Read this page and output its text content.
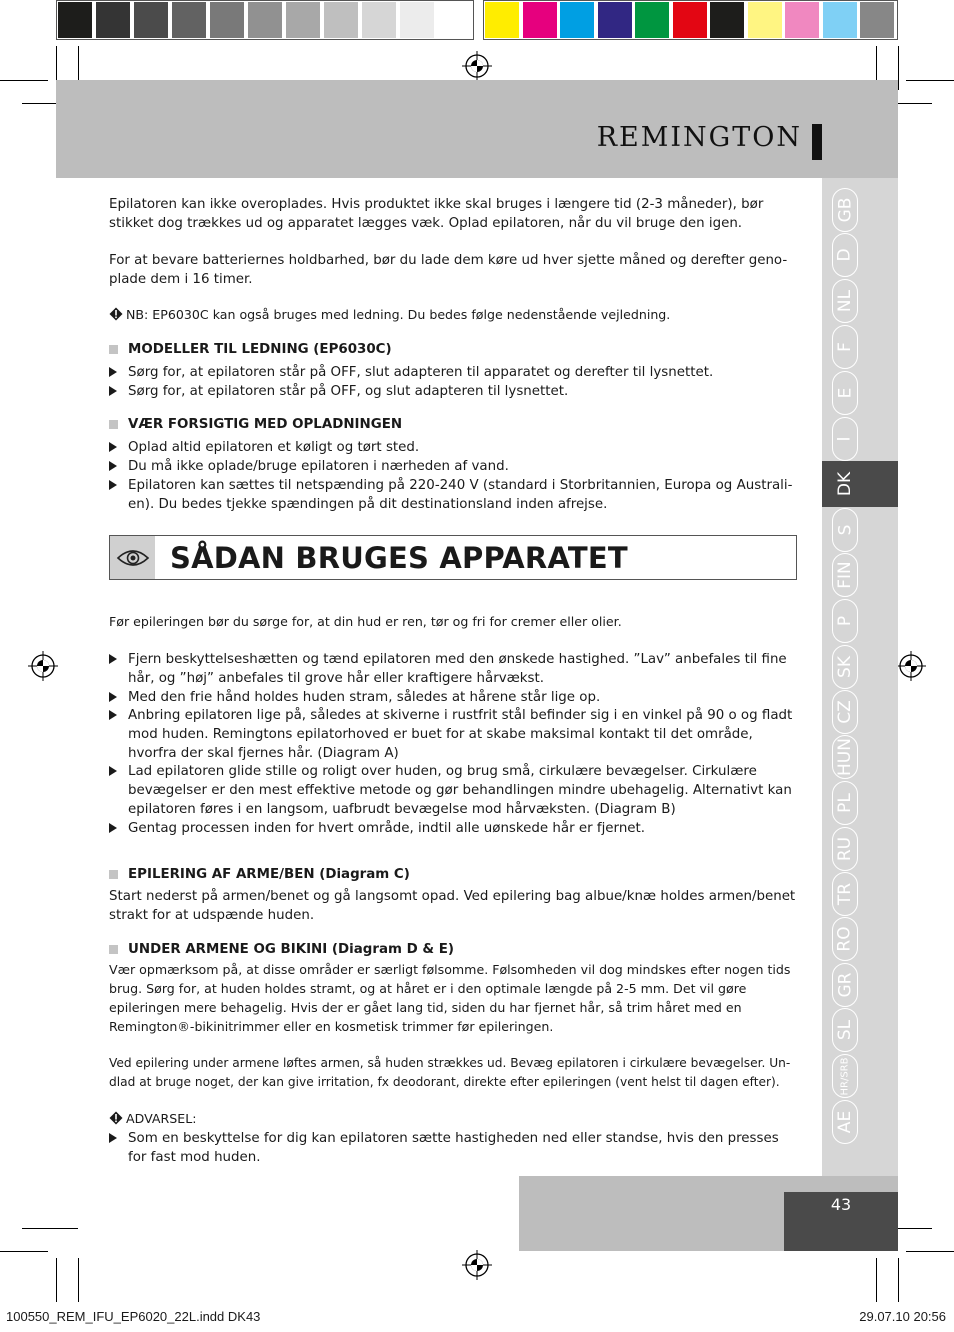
REMINGTON
GB
D
NL
F
E
I
DK
S
FIN
P
SK
CZ
HUN
PL
RU
TR
RO
GR
SL
HR/SRB
AE
Epilatoren kan ikke overoplades. Hvis produktet ikke skal bruges i længere tid (2-3 måneder), bør stikket dog trækkes ud og apparatet lægges væk. Oplad epilatoren, når du vil bruge den igen.
For at bevare batteriernes holdbarhed, bør du lade dem køre ud hver sjette måned og derefter geno-plade dem i 16 timer.
NB: EP6030C kan også bruges med ledning. Du bedes følge nedenstående vejledning.
MODELLER TIL LEDNING (EP6030C)
Sørg for, at epilatoren står på OFF, slut adapteren til apparatet og derefter til lysnettet.
Sørg for, at epilatoren står på OFF, og slut adapteren til lysnettet.
VÆR FORSIGTIG MED OPLADNINGEN
Oplad altid epilatoren et køligt og tørt sted.
Du må ikke oplade/bruge epilatoren i nærheden af vand.
Epilatoren kan sættes til netspænding på 220-240 V (standard i Storbritannien, Europa og Australi-en). Du bedes tjekke spændingen på dit destinationsland inden afrejse.
SÅDAN BRUGES APPARATET
Før epileringen bør du sørge for, at din hud er ren, tør og fri for cremer eller olier.
Fjern beskyttelseshætten og tænd epilatoren med den ønskede hastighed. ”Lav” anbefales til fine hår, og ”høj” anbefales til grove hår eller kraftigere hårvækst.
Med den frie hånd holdes huden stram, således at hårene står lige op.
Anbring epilatoren lige på, således at skiverne i rustfrit stål befinder sig i en vinkel på 90 o og fladt mod huden. Remingtons epilatorhoved er buet for at skabe maksimal kontakt til det område, hvorfra der skal fjernes hår. (Diagram A)
Lad epilatoren glide stille og roligt over huden, og brug små, cirkulære bevægelser. Cirkulære bevægelser er den mest effektive metode og gør behandlingen mindre ubehagelig. Alternativt kan epilatoren føres i en langsom, uafbrudt bevægelse mod hårvæksten. (Diagram B)
Gentag processen inden for hvert område, indtil alle uønskede hår er fjernet.
EPILERING AF ARME/BEN (Diagram C)
Start nederst på armen/benet og gå langsomt opad. Ved epilering bag albue/knæ holdes armen/benet strakt for at udspænde huden.
UNDER ARMENE OG BIKINI (Diagram D & E)
Vær opmærksom på, at disse områder er særligt følsomme. Følsomheden vil dog mindskes efter nogen tids brug. Sørg for, at huden holdes stramt, og at håret er i den optimale længde på 2-5 mm. Det vil gøre epileringen mere behagelig. Hvis der er gået lang tid, siden du har fjernet hår, så trim håret med en Remington®-bikinitrimmer eller en kosmetisk trimmer før epileringen.
Ved epilering under armene løftes armen, så huden strækkes ud. Bevæg epilatoren i cirkulære bevægelser. Un-dlad at bruge noget, der kan give irritation, fx deodorant, direkte efter epileringen (vent helst til dagen efter).
ADVARSEL:
Som en beskyttelse for dig kan epilatoren sætte hastigheden ned eller standse, hvis den presses for fast mod huden.
43
100550_REM_IFU_EP6020_22L.indd DK43	29.07.10 20:56
